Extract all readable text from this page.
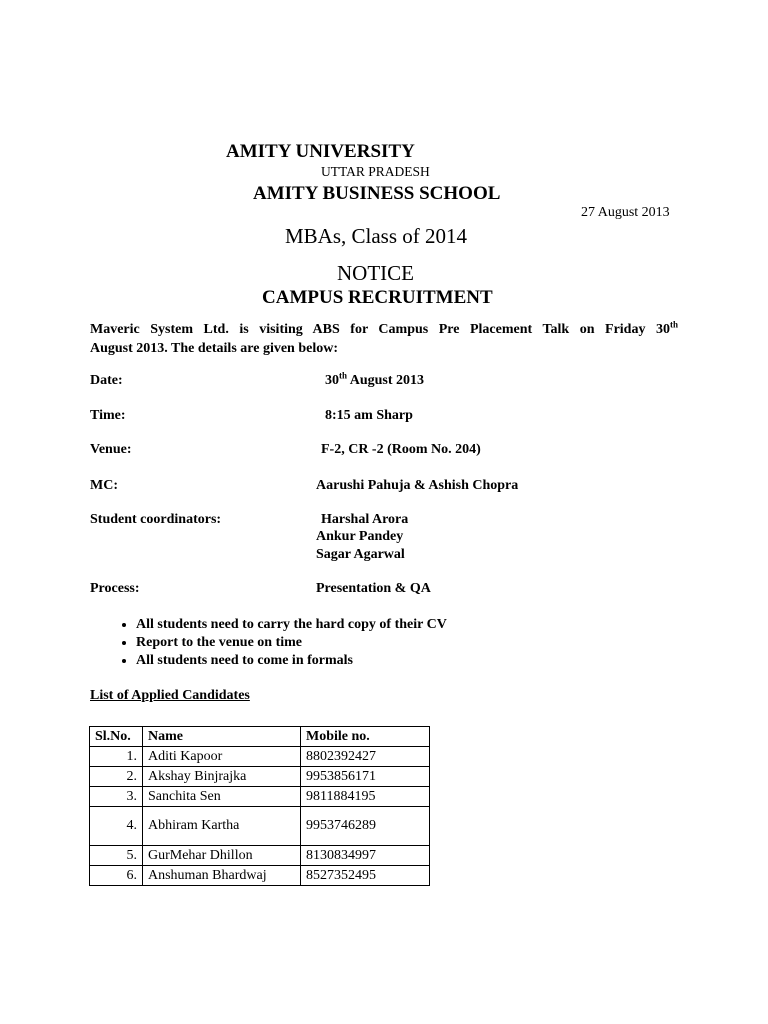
AMITY UNIVERSITY
UTTAR PRADESH
AMITY BUSINESS SCHOOL
27 August 2013
MBAs, Class of 2014
NOTICE
CAMPUS RECRUITMENT
Maveric System Ltd. is visiting ABS for Campus Pre Placement Talk on Friday 30th
August 2013. The details are given below:
Date:	30th August 2013
Time:	8:15 am Sharp
Venue:	F-2, CR -2 (Room No. 204)
MC:	Aarushi Pahuja & Ashish Chopra
Student coordinators:	Harshal Arora
Ankur Pandey
Sagar Agarwal
Process:	Presentation & QA
• All students need to carry the hard copy of their CV
• Report to the venue on time
• All students need to come in formals
List of Applied Candidates
Sl.No.	Name	Mobile no.
1.	Aditi Kapoor	8802392427
2.	Akshay Binjrajka	9953856171
3.	Sanchita Sen	9811884195
4.	Abhiram Kartha	9953746289
5.	GurMehar Dhillon	8130834997
6.	Anshuman Bhardwaj	8527352495
